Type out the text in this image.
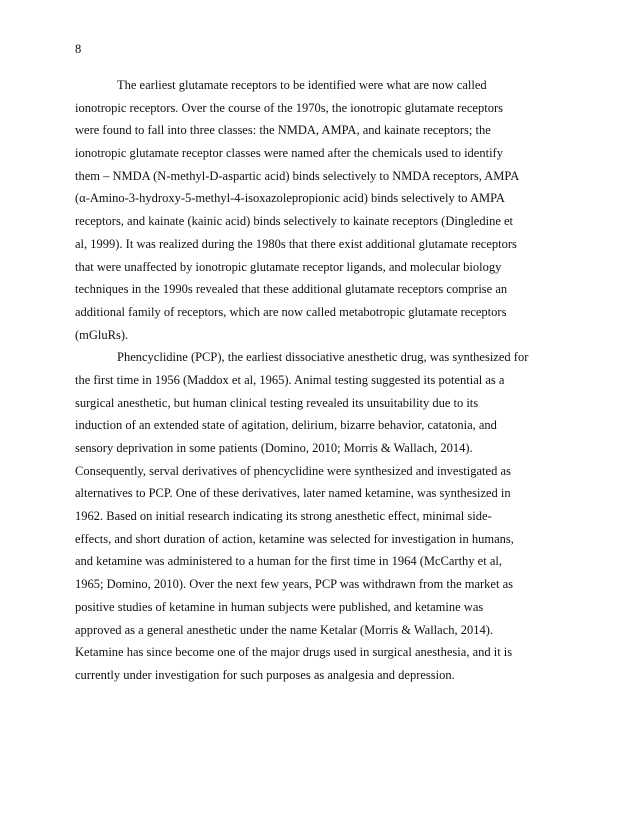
8
The earliest glutamate receptors to be identified were what are now called
ionotropic receptors. Over the course of the 1970s, the ionotropic glutamate receptors
were found to fall into three classes: the NMDA, AMPA, and kainate receptors; the
ionotropic glutamate receptor classes were named after the chemicals used to identify
them – NMDA (N-methyl-D-aspartic acid) binds selectively to NMDA receptors, AMPA
(α-Amino-3-hydroxy-5-methyl-4-isoxazolepropionic acid) binds selectively to AMPA
receptors, and kainate (kainic acid) binds selectively to kainate receptors (Dingledine et
al, 1999). It was realized during the 1980s that there exist additional glutamate receptors
that were unaffected by ionotropic glutamate receptor ligands, and molecular biology
techniques in the 1990s revealed that these additional glutamate receptors comprise an
additional family of receptors, which are now called metabotropic glutamate receptors
(mGluRs).
Phencyclidine (PCP), the earliest dissociative anesthetic drug, was synthesized for
the first time in 1956 (Maddox et al, 1965). Animal testing suggested its potential as a
surgical anesthetic, but human clinical testing revealed its unsuitability due to its
induction of an extended state of agitation, delirium, bizarre behavior, catatonia, and
sensory deprivation in some patients (Domino, 2010; Morris & Wallach, 2014).
Consequently, serval derivatives of phencyclidine were synthesized and investigated as
alternatives to PCP. One of these derivatives, later named ketamine, was synthesized in
1962. Based on initial research indicating its strong anesthetic effect, minimal side-
effects, and short duration of action, ketamine was selected for investigation in humans,
and ketamine was administered to a human for the first time in 1964 (McCarthy et al,
1965; Domino, 2010). Over the next few years, PCP was withdrawn from the market as
positive studies of ketamine in human subjects were published, and ketamine was
approved as a general anesthetic under the name Ketalar (Morris & Wallach, 2014).
Ketamine has since become one of the major drugs used in surgical anesthesia, and it is
currently under investigation for such purposes as analgesia and depression.
